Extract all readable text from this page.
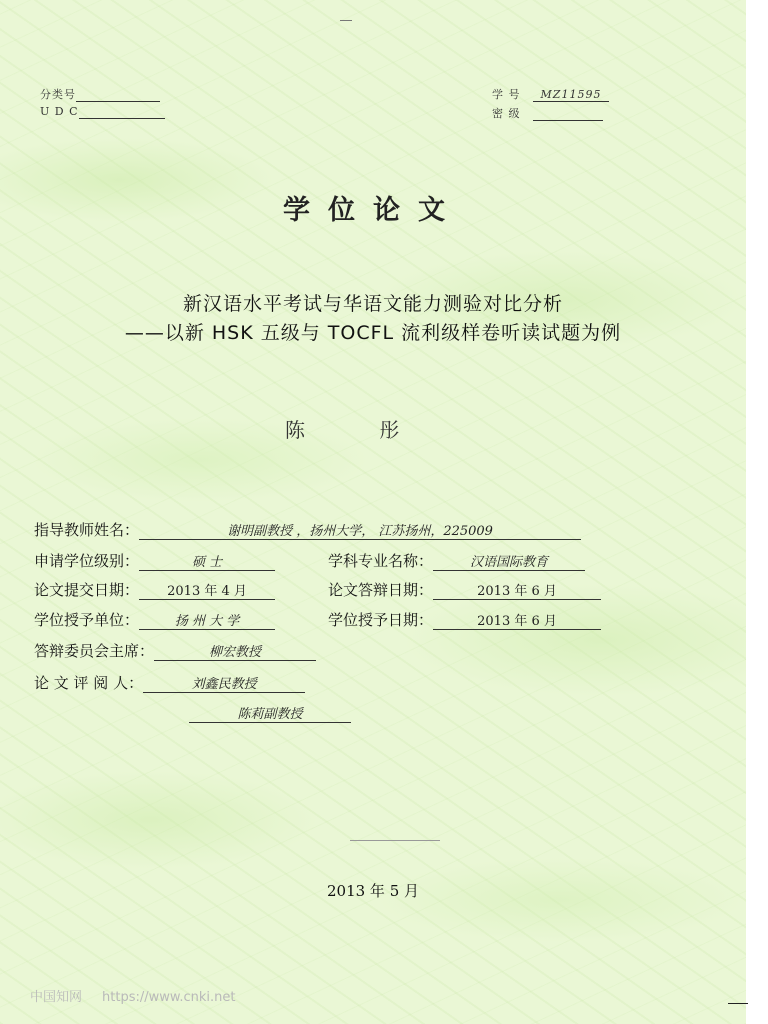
分类号
U D C
学 号 MZ11595
密 级
学位论文
新汉语水平考试与华语文能力测验对比分析
——以新 HSK 五级与 TOCFL 流利级样卷听读试题为例
陈 彤
指导教师姓名：	谢明副教授 ，扬州大学， 江苏扬州，225009
申请学位级别：	硕 士	学科专业名称：	汉语国际教育
论文提交日期： 2013 年 4 月	论文答辩日期：	2013 年 6 月
学位授予单位：	扬 州 大 学	学位授予日期：	2013 年 6 月
答辩委员会主席：	柳宏教授
论 文 评 阅 人：	刘鑫民教授
陈莉副教授
2013 年 5 月
中国知网 https://www.cnki.net
